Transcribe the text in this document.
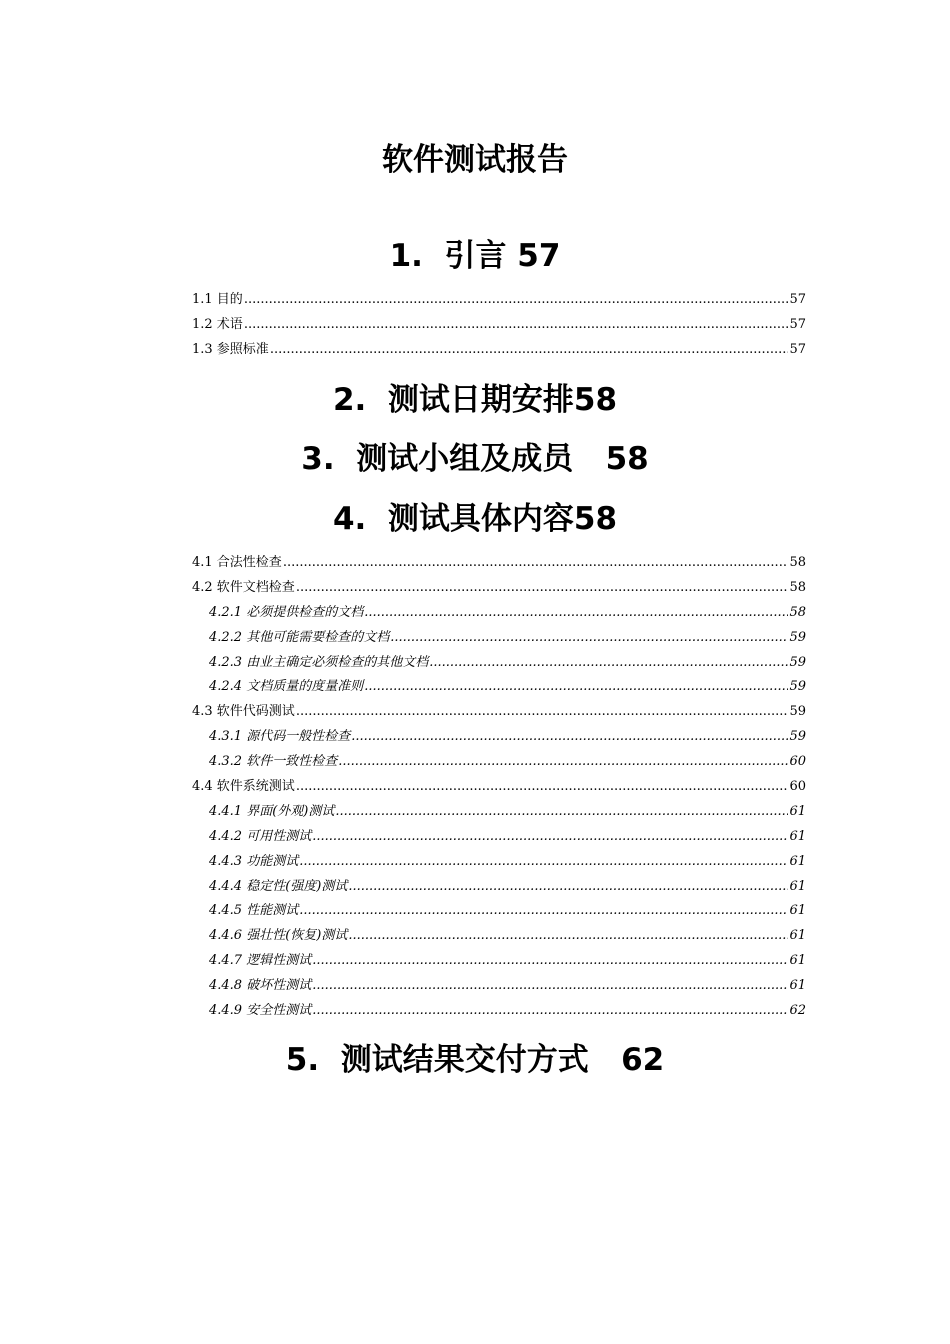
软件测试报告
1.  引言 57
1.1 目的 .....	57
1.2 术语 .....	57
1.3 参照标准 .....	57
2.  测试日期安排58
3.  测试小组及成员   58
4.  测试具体内容58
4.1 合法性检查 .....	58
4.2 软件文档检查 .....	58
4.2.1 必须提供检查的文档 .....	58
4.2.2 其他可能需要检查的文档 .....	59
4.2.3 由业主确定必须检查的其他文档 .....	59
4.2.4 文档质量的度量准则 .....	59
4.3 软件代码测试 .....	59
4.3.1 源代码一般性检查 .....	59
4.3.2 软件一致性检查 .....	60
4.4 软件系统测试 .....	60
4.4.1 界面(外观)测试 .....	61
4.4.2 可用性测试 .....	61
4.4.3 功能测试 .....	61
4.4.4 稳定性(强度)测试 .....	61
4.4.5 性能测试 .....	61
4.4.6 强壮性(恢复)测试 .....	61
4.4.7 逻辑性测试 .....	61
4.4.8 破坏性测试 .....	61
4.4.9 安全性测试 .....	62
5.  测试结果交付方式   62
